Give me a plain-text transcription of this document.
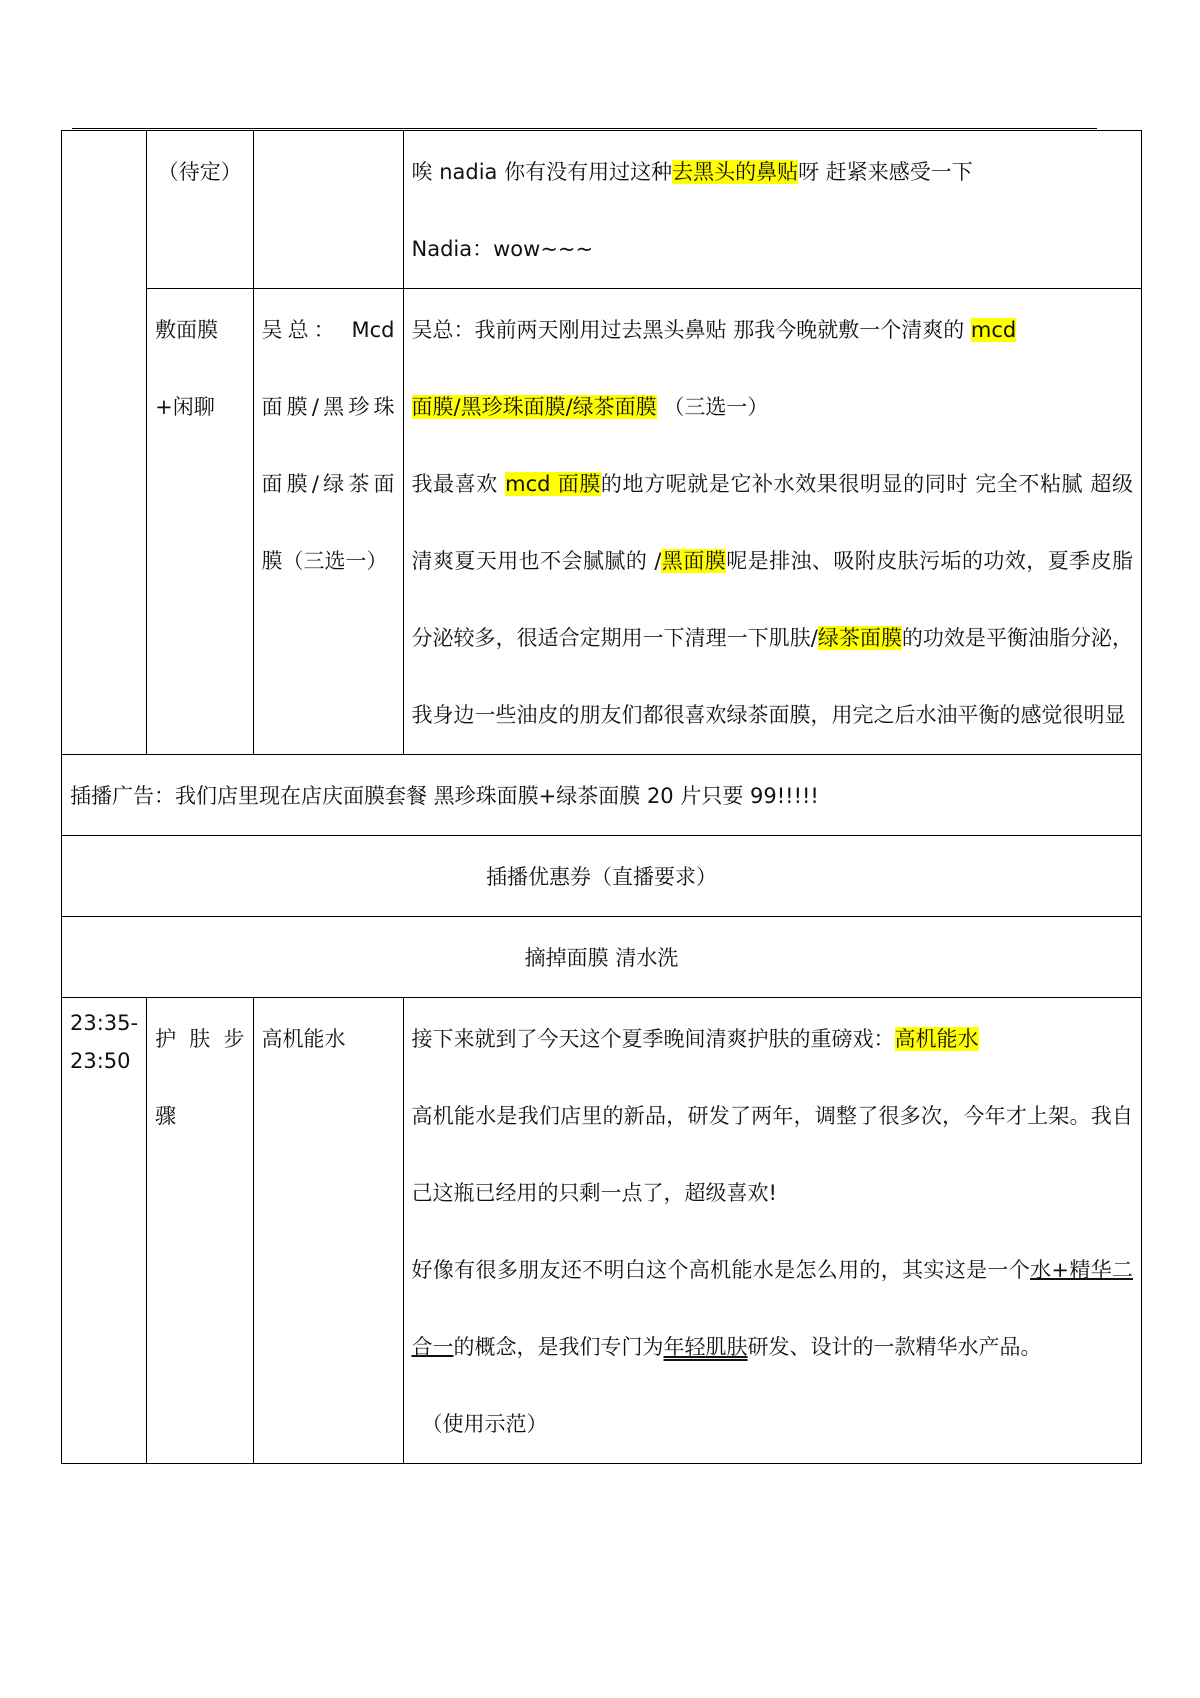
	（待定）		唉 nadia 你有没有用过这种去黑头的鼻贴呀 赶紧来感受一下
Nadia：wow~~~

	敷面膜+闲聊	吴总： Mcd面膜/黑珍珠面膜/绿茶面膜（三选一）	吴总：我前两天刚用过去黑头鼻贴 那我今晚就敷一个清爽的 mcd
面膜/黑珍珠面膜/绿茶面膜 （三选一）
我最喜欢 mcd 面膜的地方呢就是它补水效果很明显的同时 完全不粘腻 超级清爽夏天用也不会腻腻的 /黑面膜呢是排浊、吸附皮肤污垢的功效，夏季皮脂分泌较多，很适合定期用一下清理一下肌肤/绿茶面膜的功效是平衡油脂分泌，我身边一些油皮的朋友们都很喜欢绿茶面膜，用完之后水油平衡的感觉很明显

插播广告：我们店里现在店庆面膜套餐 黑珍珠面膜+绿茶面膜 20 片只要 99!!!!!			
插播优惠券（直播要求）			
摘掉面膜 清水洗			
23:35-23:50	护 肤 步 骤	高机能水	接下来就到了今天这个夏季晚间清爽护肤的重磅戏：高机能水
高机能水是我们店里的新品，研发了两年，调整了很多次，今年才上架。我自己这瓶已经用的只剩一点了，超级喜欢!
好像有很多朋友还不明白这个高机能水是怎么用的，其实这是一个水+精华二合一的概念，是我们专门为年轻肌肤研发、设计的一款精华水产品。
（使用示范）
